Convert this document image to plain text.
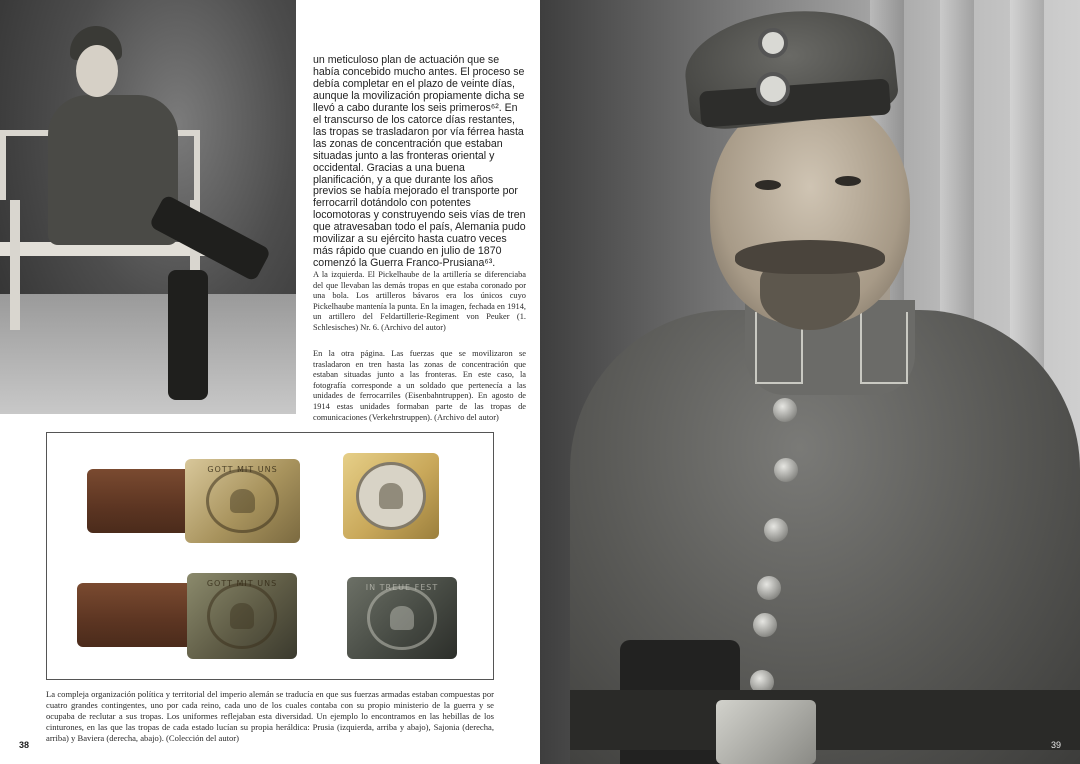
un meticuloso plan de actuación que se había concebido mucho antes. El proceso se debía completar en el plazo de veinte días, aunque la movilización propiamente dicha se llevó a cabo durante los seis primeros⁶². En el transcurso de los catorce días restantes, las tropas se trasladaron por vía férrea hasta las zonas de concentración que estaban situadas junto a las fronteras oriental y occidental. Gracias a una buena planificación, y a que durante los años previos se había mejorado el transporte por ferrocarril dotándolo con potentes locomotoras y construyendo seis vías de tren que atravesaban todo el país, Alemania pudo movilizar a su ejército hasta cuatro veces más rápido que cuando en julio de 1870 comenzó la Guerra Franco-Prusiana⁶³.

A la izquierda. El Pickelhaube de la artillería se diferenciaba del que llevaban las demás tropas en que estaba coronado por una bola. Los artilleros bávaros era los únicos cuyo Pickelhaube mantenía la punta. En la imagen, fechada en 1914, un artillero del Feldartillerie-Regiment von Peuker (1. Schlesisches) Nr. 6. (Archivo del autor)

En la otra página. Las fuerzas que se movilizaron se trasladaron en tren hasta las zonas de concentración que estaban situadas junto a las fronteras. En este caso, la fotografía corresponde a un soldado que pertenecía a las unidades de ferrocarriles (Eisenbahntruppen). En agosto de 1914 estas unidades formaban parte de las tropas de comunicaciones (Verkehrstruppen). (Archivo del autor)

GOTT MIT UNS
GOTT MIT UNS	IN TREUE FEST

La compleja organización política y territorial del imperio alemán se traducía en que sus fuerzas armadas estaban compuestas por cuatro grandes contingentes, uno por cada reino, cada uno de los cuales contaba con su propio ministerio de la guerra y se ocupaba de reclutar a sus tropas. Los uniformes reflejaban esta diversidad. Un ejemplo lo encontramos en las hebillas de los cinturones, en las que las tropas de cada estado lucían su propia heráldica: Prusia (izquierda, arriba y abajo), Sajonia (derecha, arriba) y Baviera (derecha, abajo). (Colección del autor)

38	39
